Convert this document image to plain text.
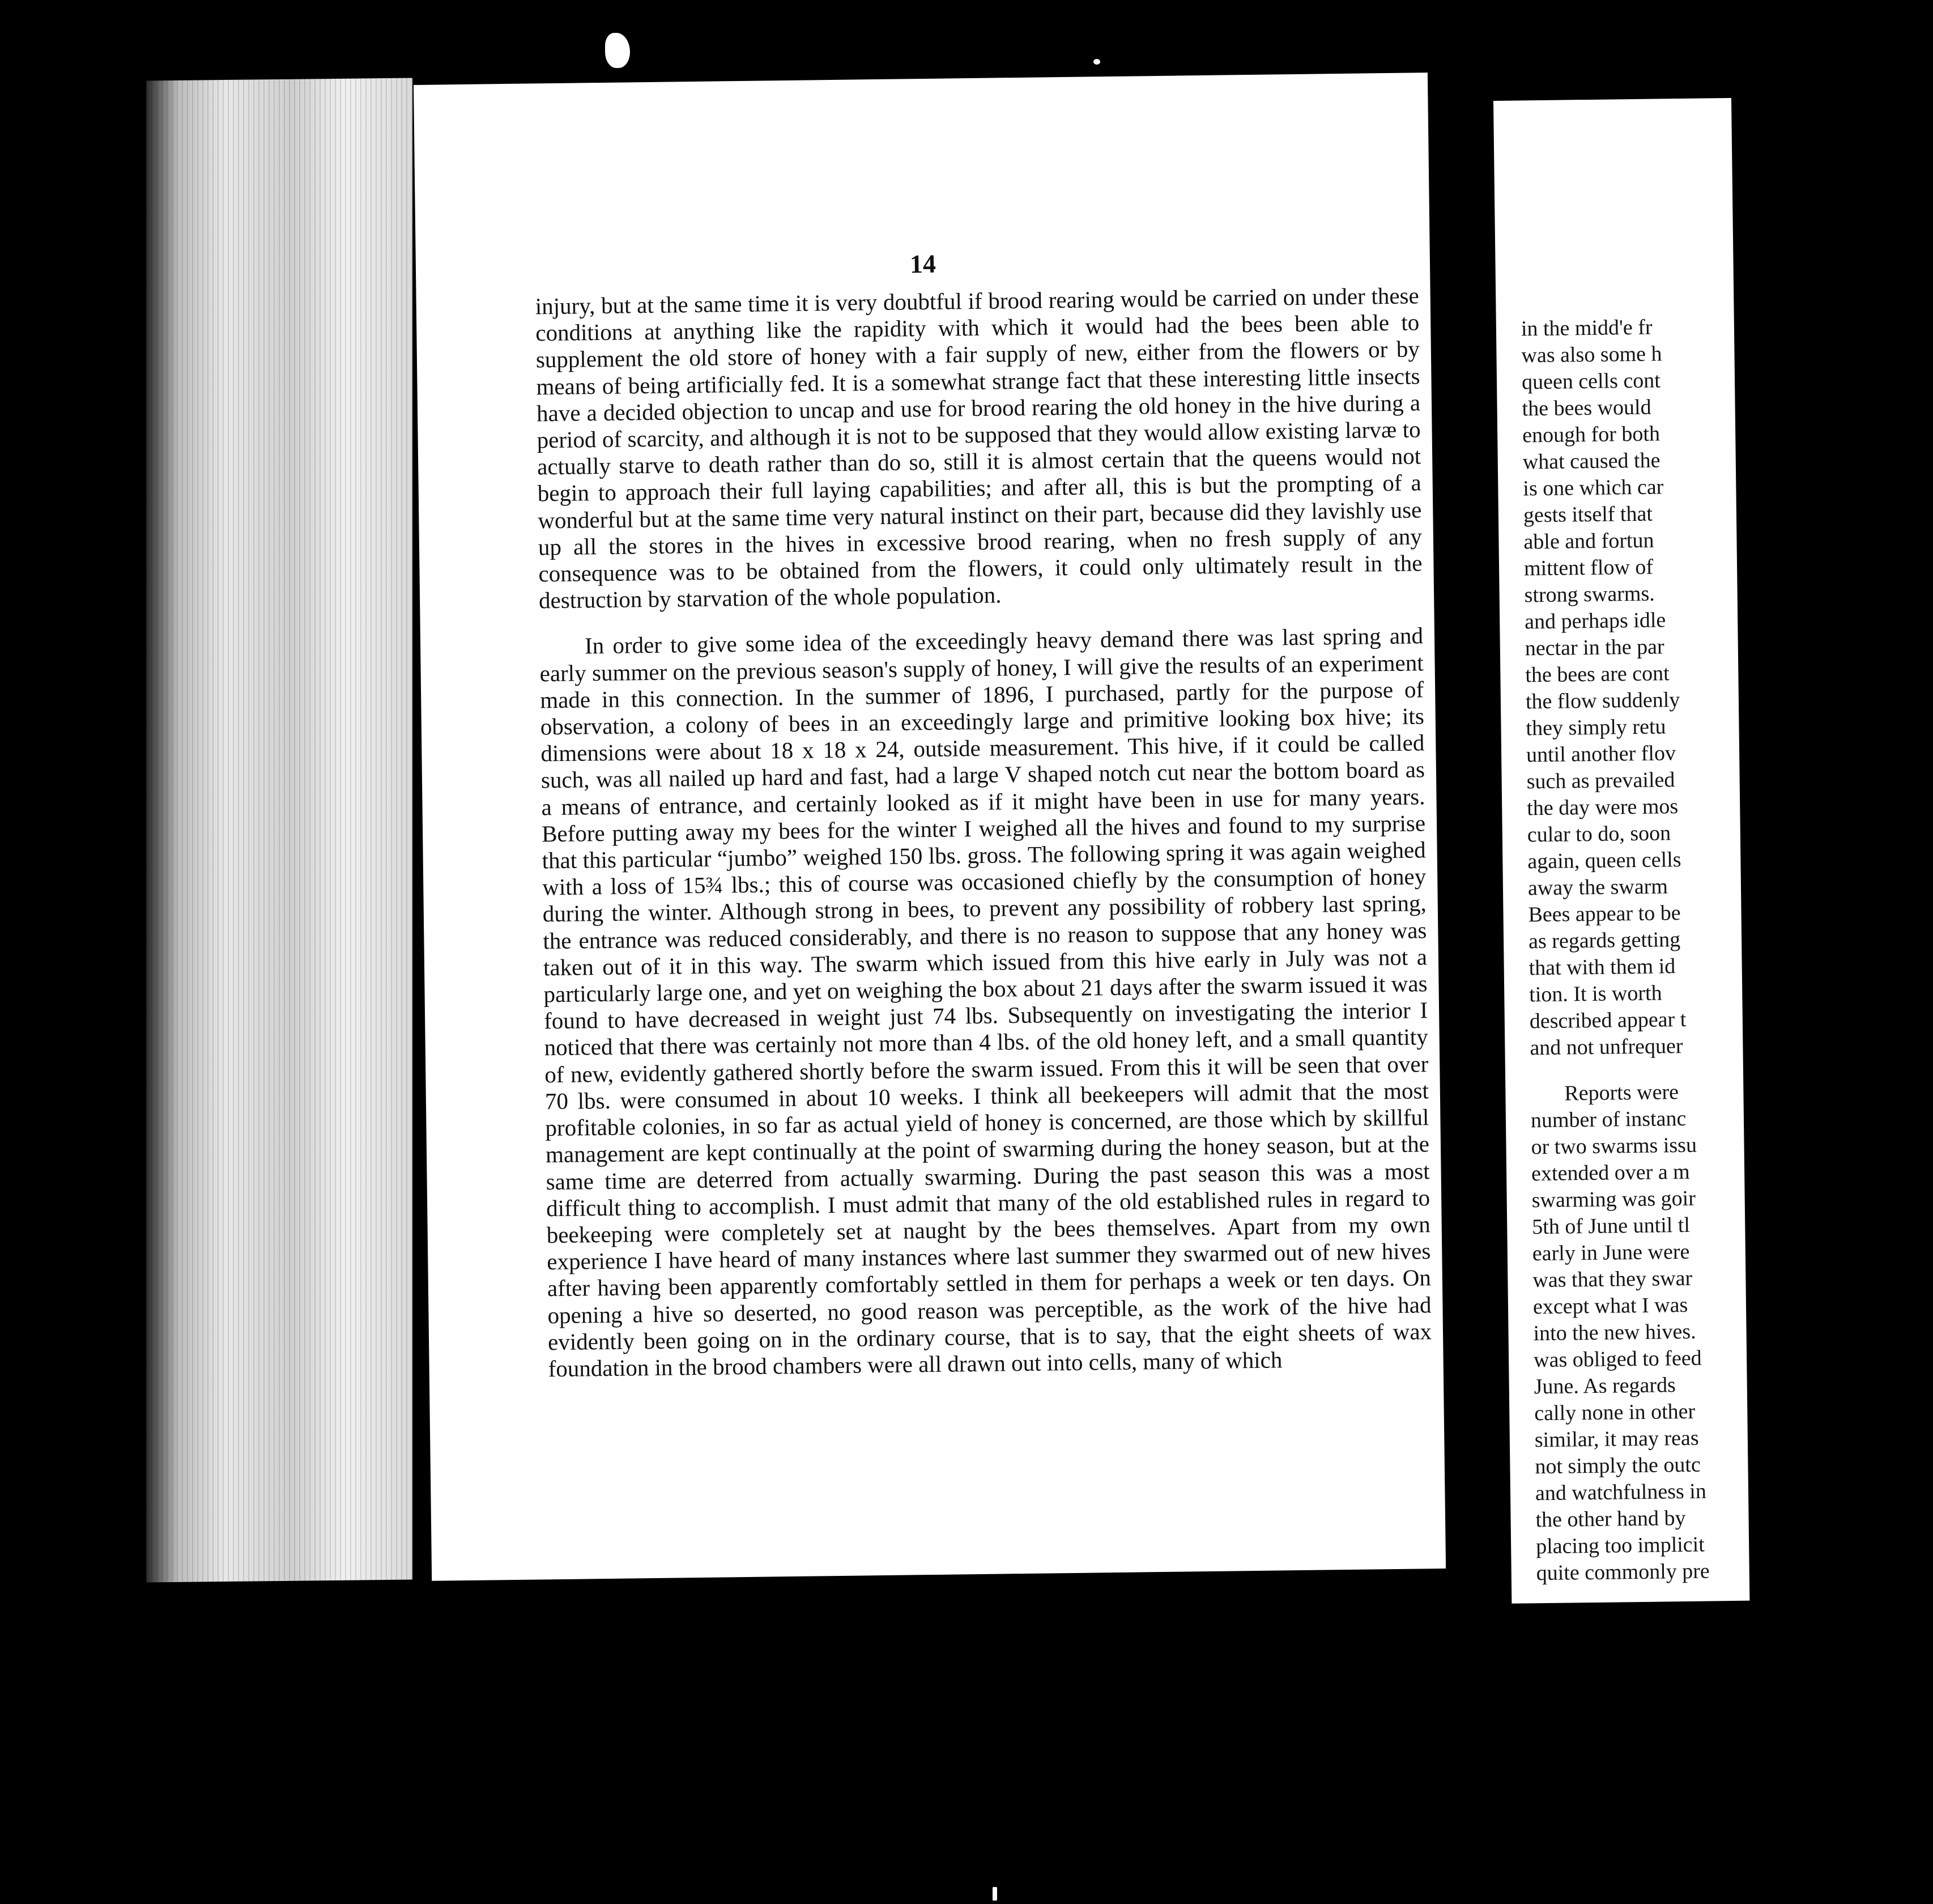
14

injury, but at the same time it is very doubtful if brood rearing would be carried on under these conditions at anything like the rapidity with which it would had the bees been able to supplement the old store of honey with a fair supply of new, either from the flowers or by means of being artificially fed. It is a somewhat strange fact that these interesting little insects have a decided objection to uncap and use for brood rearing the old honey in the hive during a period of scarcity, and although it is not to be supposed that they would allow existing larvæ to actually starve to death rather than do so, still it is almost certain that the queens would not begin to approach their full laying capabilities; and after all, this is but the prompting of a wonderful but at the same time very natural instinct on their part, because did they lavishly use up all the stores in the hives in excessive brood rearing, when no fresh supply of any consequence was to be obtained from the flowers, it could only ultimately result in the destruction by starvation of the whole population.

In order to give some idea of the exceedingly heavy demand there was last spring and early summer on the previous season's supply of honey, I will give the results of an experiment made in this connection. In the summer of 1896, I purchased, partly for the purpose of observation, a colony of bees in an exceedingly large and primitive looking box hive; its dimensions were about 18 x 18 x 24, outside measurement. This hive, if it could be called such, was all nailed up hard and fast, had a large V shaped notch cut near the bottom board as a means of entrance, and certainly looked as if it might have been in use for many years. Before putting away my bees for the winter I weighed all the hives and found to my surprise that this particular “jumbo” weighed 150 lbs. gross. The following spring it was again weighed with a loss of 15¾ lbs.; this of course was occasioned chiefly by the consumption of honey during the winter. Although strong in bees, to prevent any possibility of robbery last spring, the entrance was reduced considerably, and there is no reason to suppose that any honey was taken out of it in this way. The swarm which issued from this hive early in July was not a particularly large one, and yet on weighing the box about 21 days after the swarm issued it was found to have decreased in weight just 74 lbs. Subsequently on investigating the interior I noticed that there was certainly not more than 4 lbs. of the old honey left, and a small quantity of new, evidently gathered shortly before the swarm issued. From this it will be seen that over 70 lbs. were consumed in about 10 weeks. I think all beekeepers will admit that the most profitable colonies, in so far as actual yield of honey is concerned, are those which by skillful management are kept continually at the point of swarming during the honey season, but at the same time are deterred from actually swarming. During the past season this was a most difficult thing to accomplish. I must admit that many of the old established rules in regard to beekeeping were completely set at naught by the bees themselves. Apart from my own experience I have heard of many instances where last summer they swarmed out of new hives after having been apparently comfortably settled in them for perhaps a week or ten days. On opening a hive so deserted, no good reason was perceptible, as the work of the hive had evidently been going on in the ordinary course, that is to say, that the eight sheets of wax foundation in the brood chambers were all drawn out into cells, many of which

in the midd'e fr
was also some h
queen cells cont
the bees would
enough for both
what caused the
is one which car
gests itself that
able and fortun
mittent flow of
strong swarms.
and perhaps idle
nectar in the par
the bees are cont
the flow suddenly
they simply retu
until another flov
such as prevailed
the day were mos
cular to do, soon
again, queen cells
away the swarm
Bees appear to be
as regards getting
that with them id
tion. It is worth
described appear t
and not unfrequer
Reports were
number of instanc
or two swarms issu
extended over a m
swarming was goir
5th of June until tl
early in June were
was that they swar
except what I was
into the new hives.
was obliged to feed
June. As regards
cally none in other
similar, it may reas
not simply the outc
and watchfulness in
the other hand by
placing too implicit
quite commonly pre
